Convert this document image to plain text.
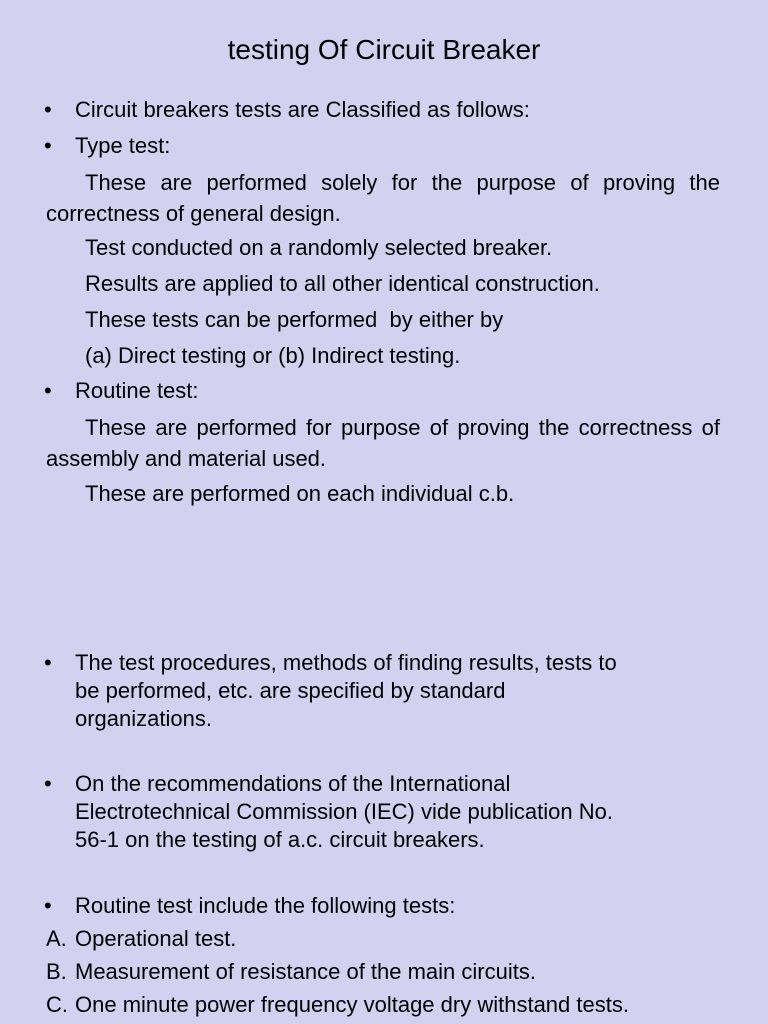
testing Of Circuit Breaker
• Circuit breakers tests are Classified as follows:
• Type test:
These are performed solely for the purpose of proving the correctness of general design.
Test conducted on a randomly selected breaker.
Results are applied to all other identical construction.
These tests can be performed  by either by
(a) Direct testing or (b) Indirect testing.
• Routine test:
These are performed for purpose of proving the correctness of assembly and material used.
These are performed on each individual c.b.
• The test procedures, methods of finding results, tests to
be performed, etc. are specified by standard
organizations.
• On the recommendations of the International
Electrotechnical Commission (IEC) vide publication No.
56-1 on the testing of a.c. circuit breakers.
• Routine test include the following tests:
A. Operational test.
B. Measurement of resistance of the main circuits.
C. One minute power frequency voltage dry withstand tests.
